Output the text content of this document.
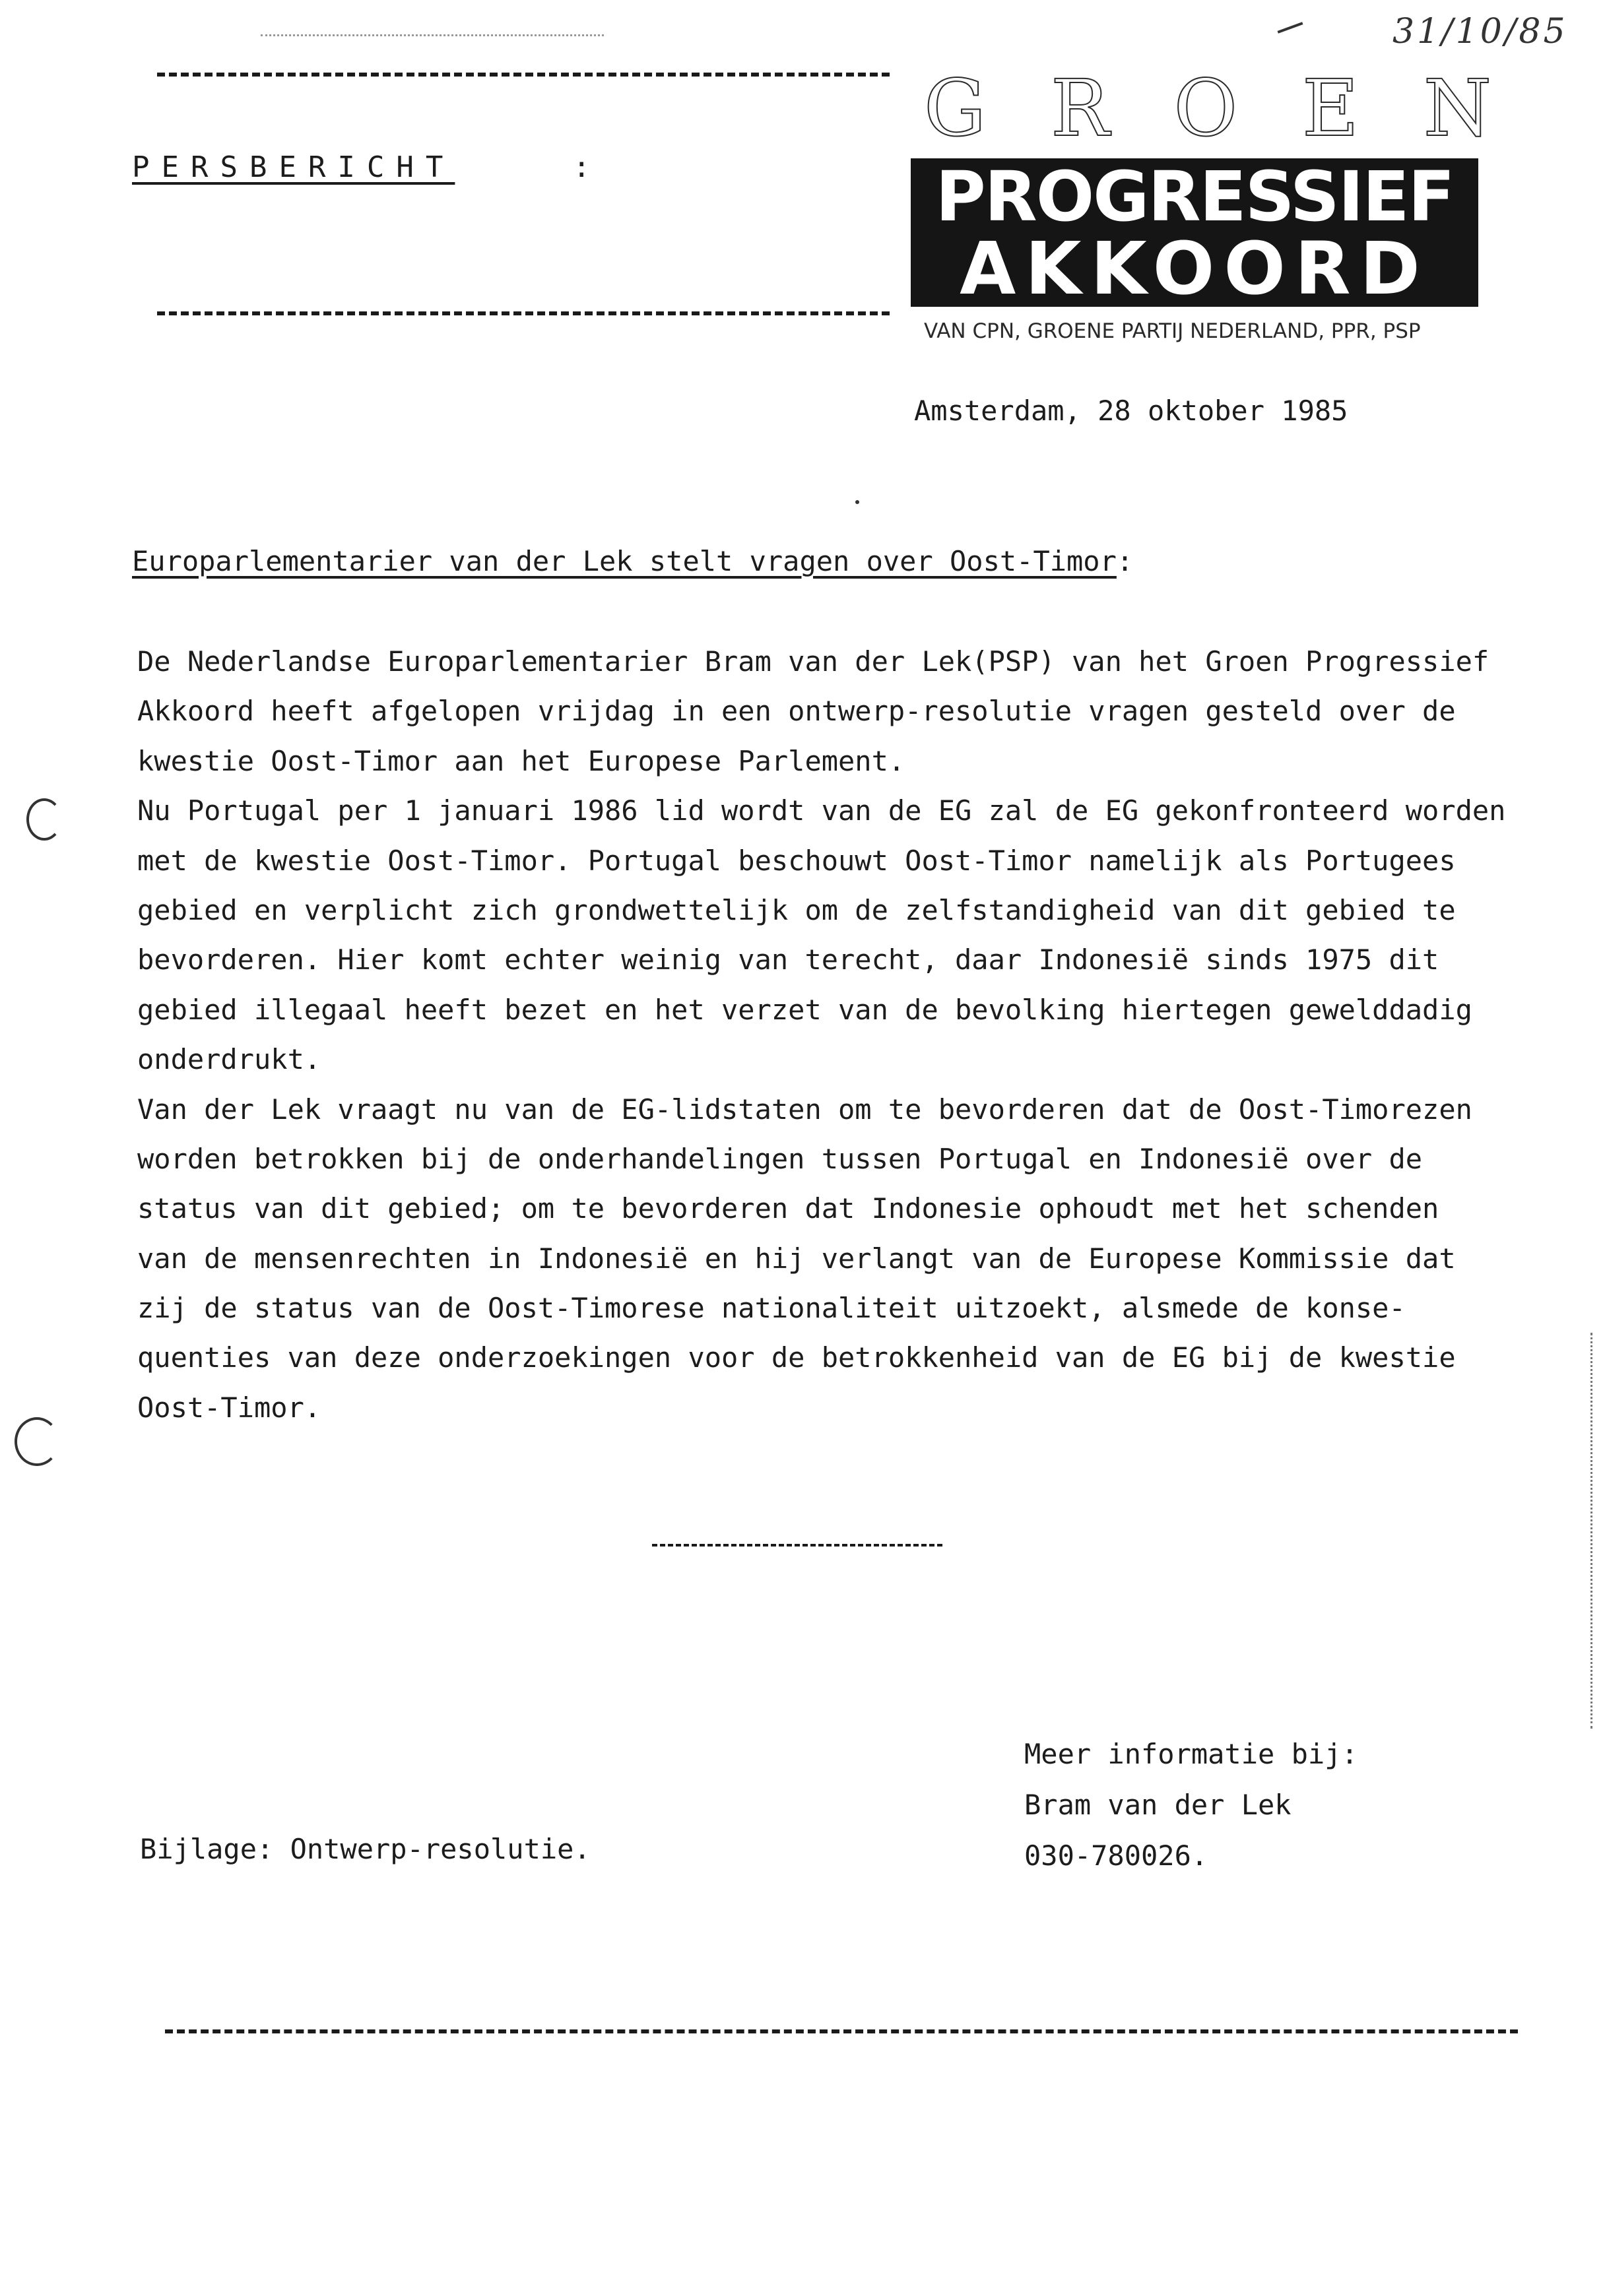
31/10/85
PERSBERICHT	:
G R O E N
PROGRESSIEF
AKKOORD
VAN CPN, GROENE PARTIJ NEDERLAND, PPR, PSP
Amsterdam, 28 oktober 1985
Europarlementarier van der Lek stelt vragen over Oost-Timor:
De Nederlandse Europarlementarier Bram van der Lek(PSP) van het Groen Progressief
Akkoord heeft afgelopen vrijdag in een ontwerp-resolutie vragen gesteld over de
kwestie Oost-Timor aan het Europese Parlement.
Nu Portugal per 1 januari 1986 lid wordt van de EG zal de EG gekonfronteerd worden
met de kwestie Oost-Timor. Portugal beschouwt Oost-Timor namelijk als Portugees
gebied en verplicht zich grondwettelijk om de zelfstandigheid van dit gebied te
bevorderen. Hier komt echter weinig van terecht, daar Indonesië sinds 1975 dit
gebied illegaal heeft bezet en het verzet van de bevolking hiertegen gewelddadig
onderdrukt.
Van der Lek vraagt nu van de EG-lidstaten om te bevorderen dat de Oost-Timorezen
worden betrokken bij de onderhandelingen tussen Portugal en Indonesië over de
status van dit gebied; om te bevorderen dat Indonesie ophoudt met het schenden
van de mensenrechten in Indonesië en hij verlangt van de Europese Kommissie dat
zij de status van de Oost-Timorese nationaliteit uitzoekt, alsmede de konse-
quenties van deze onderzoekingen voor de betrokkenheid van de EG bij de kwestie
Oost-Timor.
Meer informatie bij:
Bram van der Lek
030-780026.
Bijlage: Ontwerp-resolutie.
